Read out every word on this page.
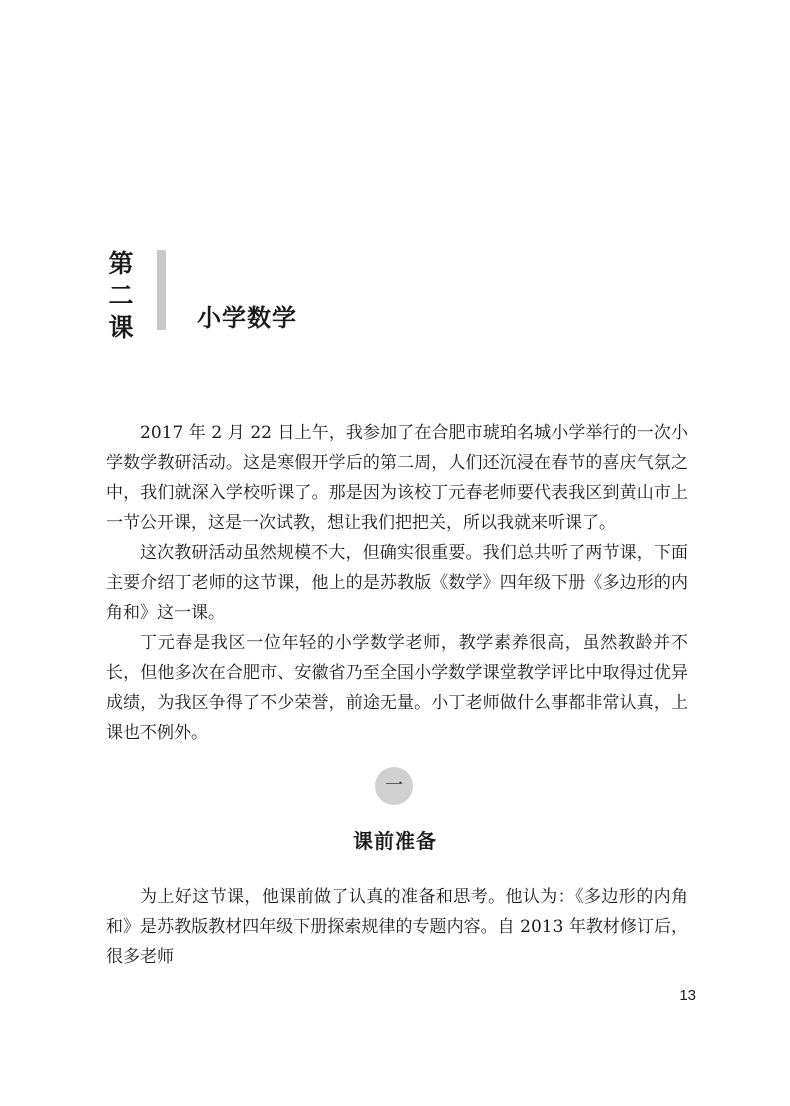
第
二
课	小学数学

2017 年 2 月 22 日上午，我参加了在合肥市琥珀名城小学举行的一次小学数学教研活动。这是寒假开学后的第二周，人们还沉浸在春节的喜庆气氛之中，我们就深入学校听课了。那是因为该校丁元春老师要代表我区到黄山市上一节公开课，这是一次试教，想让我们把把关，所以我就来听课了。

这次教研活动虽然规模不大，但确实很重要。我们总共听了两节课，下面主要介绍丁老师的这节课，他上的是苏教版《数学》四年级下册《多边形的内角和》这一课。

丁元春是我区一位年轻的小学数学老师，教学素养很高，虽然教龄并不长，但他多次在合肥市、安徽省乃至全国小学数学课堂教学评比中取得过优异成绩，为我区争得了不少荣誉，前途无量。小丁老师做什么事都非常认真，上课也不例外。

一
课前准备

为上好这节课，他课前做了认真的准备和思考。他认为：《多边形的内角和》是苏教版教材四年级下册探索规律的专题内容。自 2013 年教材修订后，很多老师

13
